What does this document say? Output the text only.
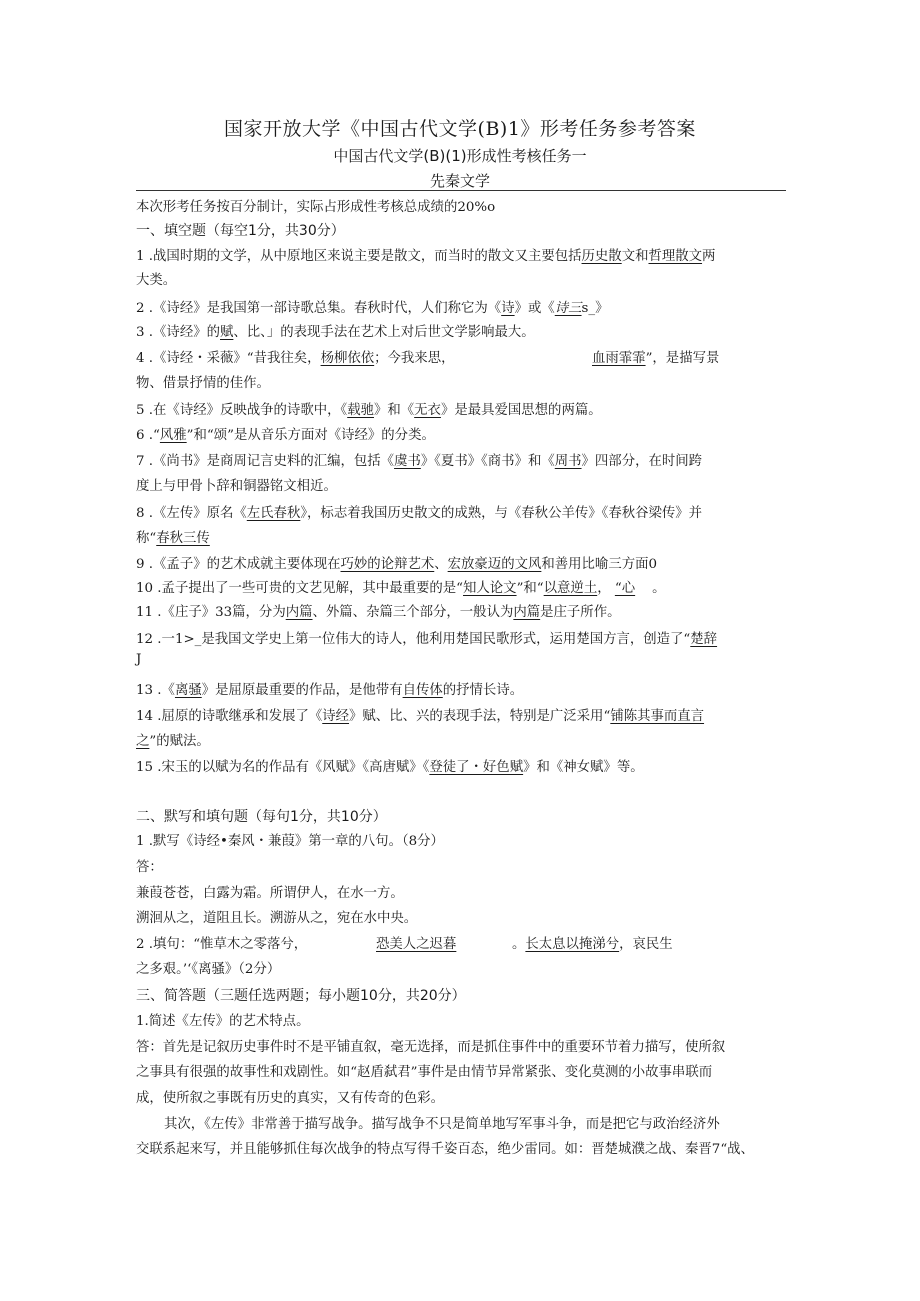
国家开放大学《中国古代文学(B)1》形考任务参考答案
中国古代文学(B)(1)形成性考核任务一
先秦文学
本次形考任务按百分制计，实际占形成性考核总成绩的20%o
一、填空题（每空1分，共30分）
1 .战国时期的文学，从中原地区来说主要是散文，而当时的散文又主要包括历史散文和哲理散文两
大类。
2 .《诗经》是我国第一部诗歌总集。春秋时代，人们称它为《诗》或《诗三s_》
3 .《诗经》的赋、比、」的表现手法在艺术上对后世文学影响最大。
4 .《诗经・采薇》“昔我往矣，杨柳依依；今我来思，	血雨霏霏”，是描写景
物、借景抒情的佳作。
5 .在《诗经》反映战争的诗歌中，《载驰》和《无衣》是最具爱国思想的两篇。
6 .“风雅”和“颂”是从音乐方面对《诗经》的分类。
7 .《尚书》是商周记言史料的汇编，包括《虞书》《夏书》《商书》和《周书》四部分，在时间跨
度上与甲骨卜辞和铜器铭文相近。
8 .《左传》原名《左氏春秋》，标志着我国历史散文的成熟，与《春秋公羊传》《春秋谷梁传》并
称“春秋三传
9 .《孟子》的艺术成就主要体现在巧妙的论辩艺术、宏放豪迈的文风和善用比喻三方面0
10 .孟子提出了一些可贵的文艺见解，其中最重要的是“知人论文”和“以意逆土， “心 。
11 .《庄子》33篇，分为内篇、外篇、杂篇三个部分，一般认为内篇是庄子所作。
12 .一1>_是我国文学史上第一位伟大的诗人，他利用楚国民歌形式，运用楚国方言，创造了“楚辞
J
13 .《离骚》是屈原最重要的作品，是他带有自传体的抒情长诗。
14 .屈原的诗歌继承和发展了《诗经》赋、比、兴的表现手法，特别是广泛采用“铺陈其事而直言
之”的赋法。
15 .宋玉的以赋为名的作品有《风赋》《高唐赋》《登徒了・好色赋》和《神女赋》等。
二、默写和填句题（每句1分，共10分）
1 .默写《诗经•秦风・兼葭》第一章的八句。（8分）
答：
兼葭苍苍，白露为霜。所谓伊人，在水一方。
溯洄从之，道阻且长。溯游从之，宛在水中央。
2 .填句：“惟草木之零落兮，	恐美人之迟暮	。长太息以掩涕兮，哀民生
之多艰。’‘《离骚》（2分）
三、简答题（三题任选两题；每小题10分，共20分）
1.简述《左传》的艺术特点。
答：首先是记叙历史事件时不是平铺直叙，毫无选择，而是抓住事件中的重要环节着力描写，使所叙
之事具有很强的故事性和戏剧性。如“赵盾弑君”事件是由情节异常紧张、变化莫测的小故事串联而
成，使所叙之事既有历史的真实，又有传奇的色彩。
其次，《左传》非常善于描写战争。描写战争不只是简单地写军事斗争，而是把它与政治经济外
交联系起来写，并且能够抓住每次战争的特点写得千姿百态，绝少雷同。如：晋楚城濮之战、秦晋7“战、
